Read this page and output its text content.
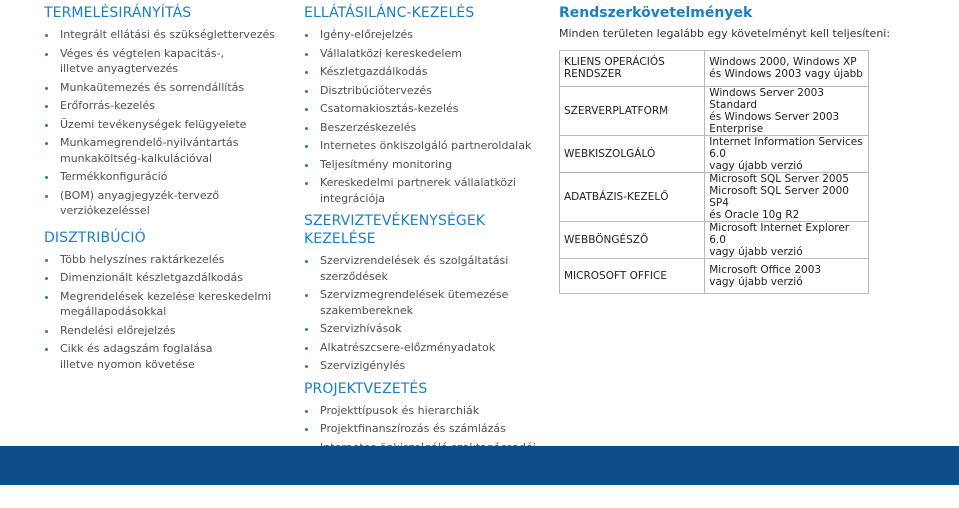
TERMELÉSIRÁNYÍTÁS
Integrált ellátási és szükséglettervezés
Véges és végtelen kapacitás-,
illetve anyagtervezés
Munkaütemezés és sorrendállítás
Erőforrás-kezelés
Üzemi tevékenységek felügyelete
Munkamegrendelő-nyilvántartás
munkaköltség-kalkulációval
Termékkonfiguráció
(BOM) anyagjegyzék-tervező verziókezeléssel
DISZTRIBÚCIÓ
Több helyszínes raktárkezelés
Dimenzionált készletgazdálkodás
Megrendelések kezelése kereskedelmi
megállapodásokkal
Rendelési előrejelzés
Cikk és adagszám foglalása
illetve nyomon követése
ELLÁTÁSILÁNC-KEZELÉS
Igény-előrejelzés
Vállalatközi kereskedelem
Készletgazdálkodás
Disztribúciótervezés
Csatornakiosztás-kezelés
Beszerzéskezelés
Internetes önkiszolgáló partneroldalak
Teljesítmény monitoring
Kereskedelmi partnerek vállalatközi integrációja
SZERVIZTEVÉKENYSÉGEK KEZELÉSE
Szervizrendelések és szolgáltatási szerződések
Szervizmegrendelések ütemezése
szakembereknek
Szervizhívások
Alkatrészcsere-előzményadatok
Szervizigénylés
PROJEKTVEZETÉS
Projekttípusok és hierarchiák
Projektfinanszírozás és számlázás
Rendszerkövetelmények
Minden területen legalább egy követelményt kell teljesíteni:
KLIENS OPERÁCIÓS RENDSZER	Windows 2000, Windows XP
és Windows 2003 vagy újabb
SZERVERPLATFORM	Windows Server 2003 Standard
és Windows Server 2003 Enterprise
WEBKISZOLGÁLÓ	Internet Information Services 6.0
vagy újabb verzió
ADATBÁZIS-KEZELŐ	Microsoft SQL Server 2005
Microsoft SQL Server 2000 SP4
és Oracle 10g R2
WEBBÖNGÉSZŐ	Microsoft Internet Explorer 6.0
vagy újabb verzió
MICROSOFT OFFICE	Microsoft Office 2003
vagy újabb verzió
